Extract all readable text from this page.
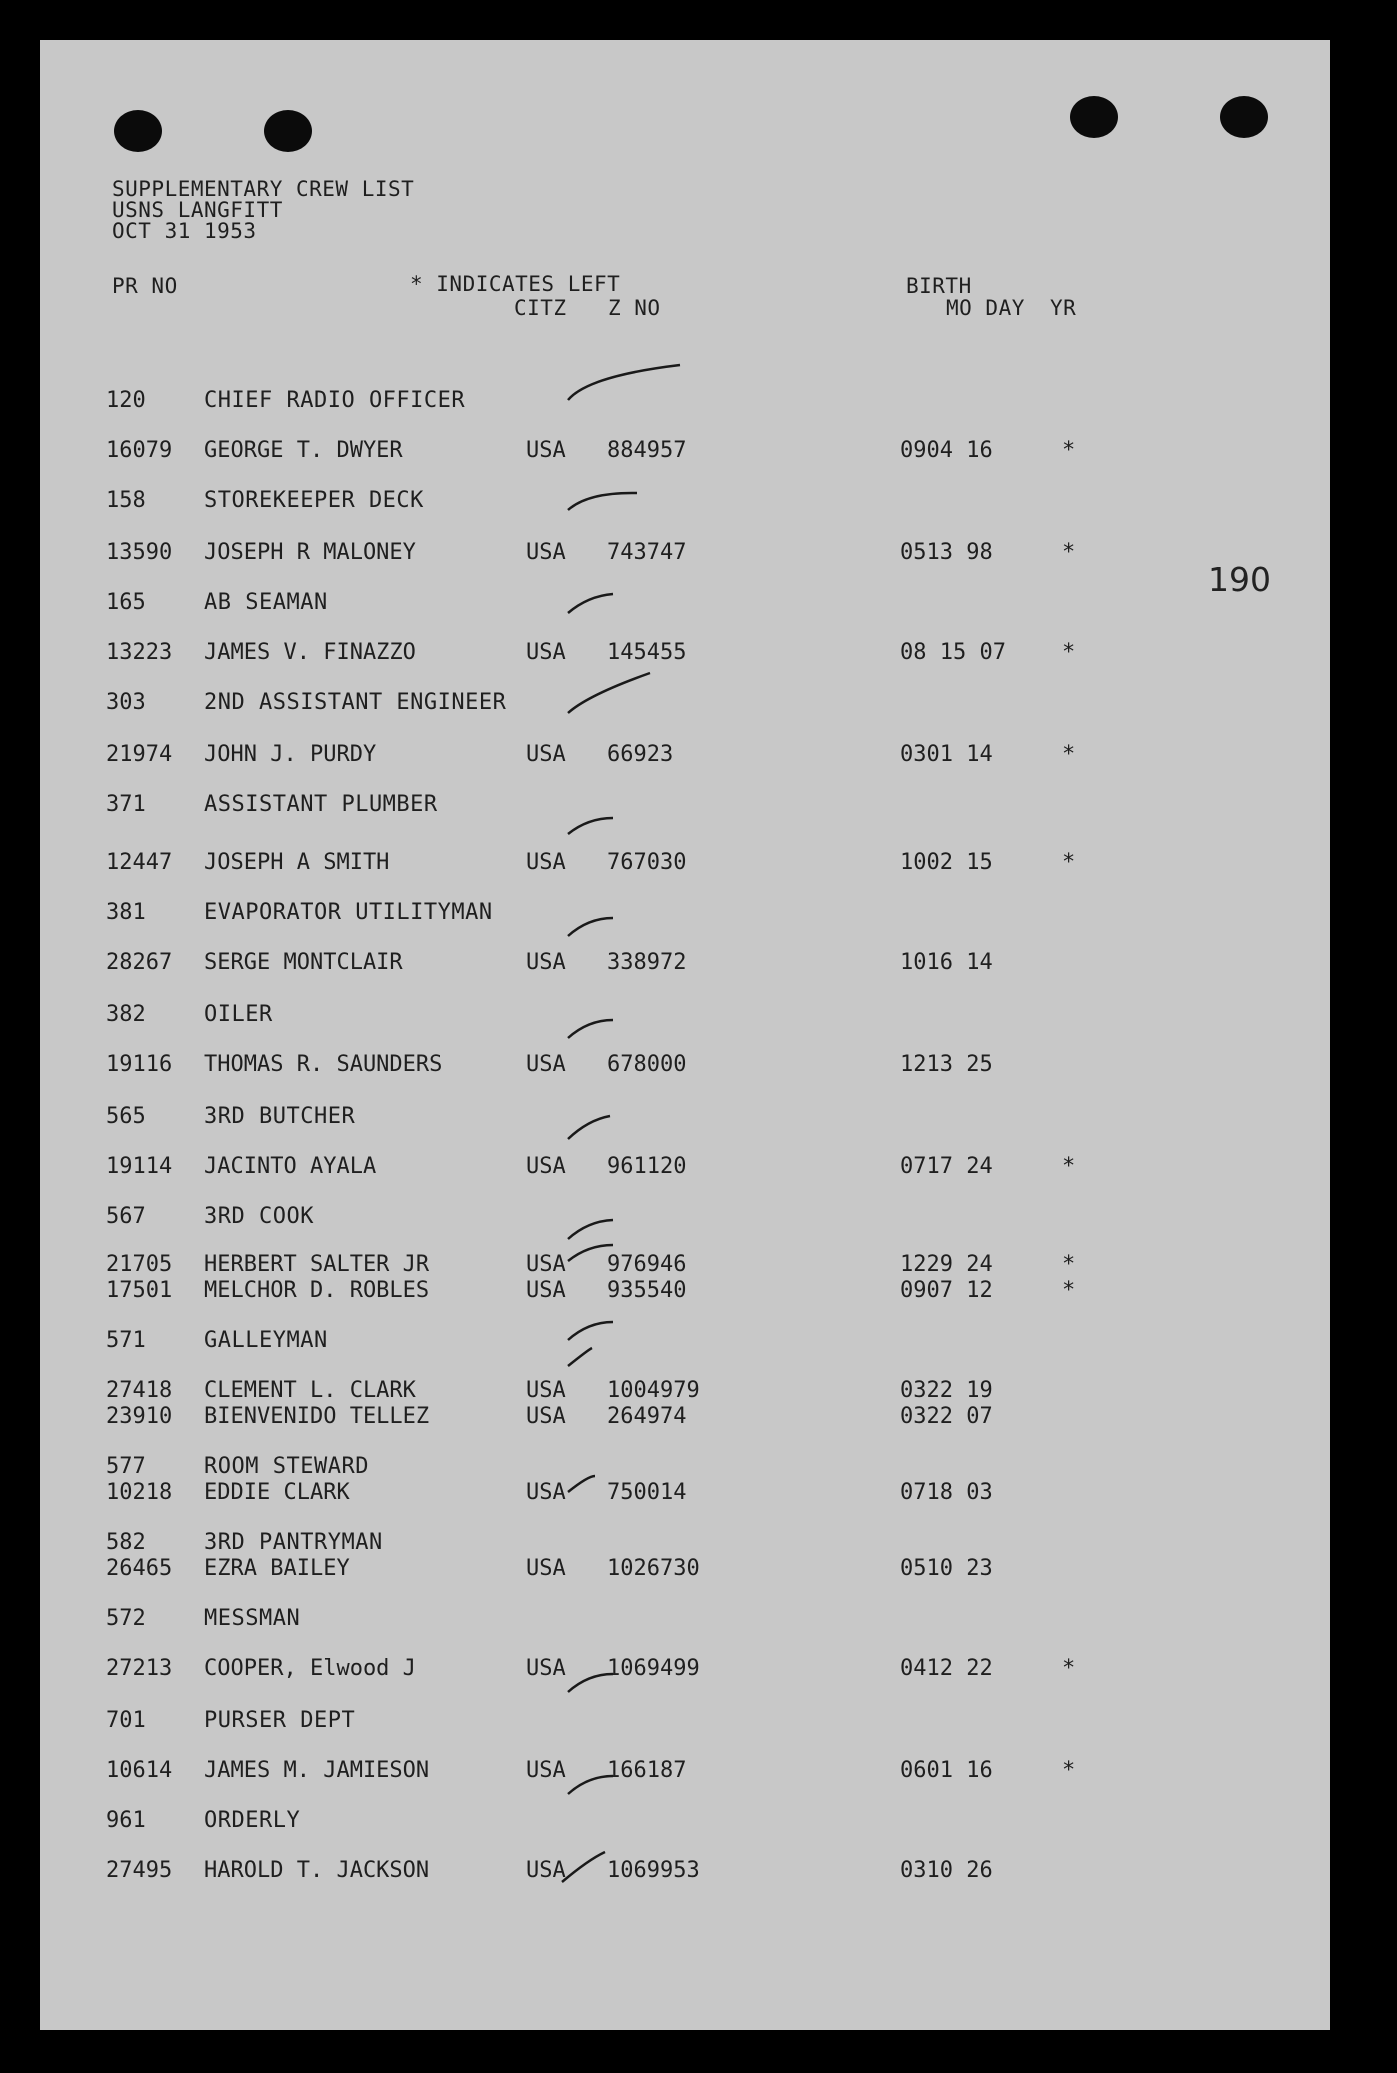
SUPPLEMENTARY CREW LIST
USNS LANGFITT
OCT 31 1953
PR NO	* INDICATES LEFT
CITZ Z NO
BIRTH
MO DAY YR
190
120	CHIEF RADIO OFFICER
16079 GEORGE T. DWYER	USA 884957	0904 16	*
158	STOREKEEPER DECK
13590 JOSEPH R MALONEY	USA 743747	0513 98	*
165	AB SEAMAN
13223 JAMES V. FINAZZO	USA 145455	08 15 07	*
303	2ND ASSISTANT ENGINEER
21974 JOHN J. PURDY	USA 66923	0301 14	*
371	ASSISTANT PLUMBER
12447 JOSEPH A SMITH	USA 767030	1002 15	*
381	EVAPORATOR UTILITYMAN
28267 SERGE MONTCLAIR	USA 338972	1016 14
382	OILER
19116 THOMAS R. SAUNDERS	USA 678000	1213 25
565	3RD BUTCHER
19114 JACINTO AYALA	USA 961120	0717 24	*
567	3RD COOK
21705 HERBERT SALTER JR	USA 976946	1229 24	*
17501 MELCHOR D. ROBLES	USA 935540	0907 12	*
571	GALLEYMAN
27418 CLEMENT L. CLARK	USA 1004979	0322 19
23910 BIENVENIDO TELLEZ	USA 264974	0322 07
577	ROOM STEWARD
10218 EDDIE CLARK	USA 750014	0718 03
582	3RD PANTRYMAN
26465 EZRA BAILEY	USA 1026730	0510 23
572	MESSMAN
27213 COOPER, Elwood J	USA 1069499	0412 22	*
701	PURSER DEPT
10614 JAMES M. JAMIESON	USA 166187	0601 16	*
961	ORDERLY
27495 HAROLD T. JACKSON	USA 1069953	0310 26
